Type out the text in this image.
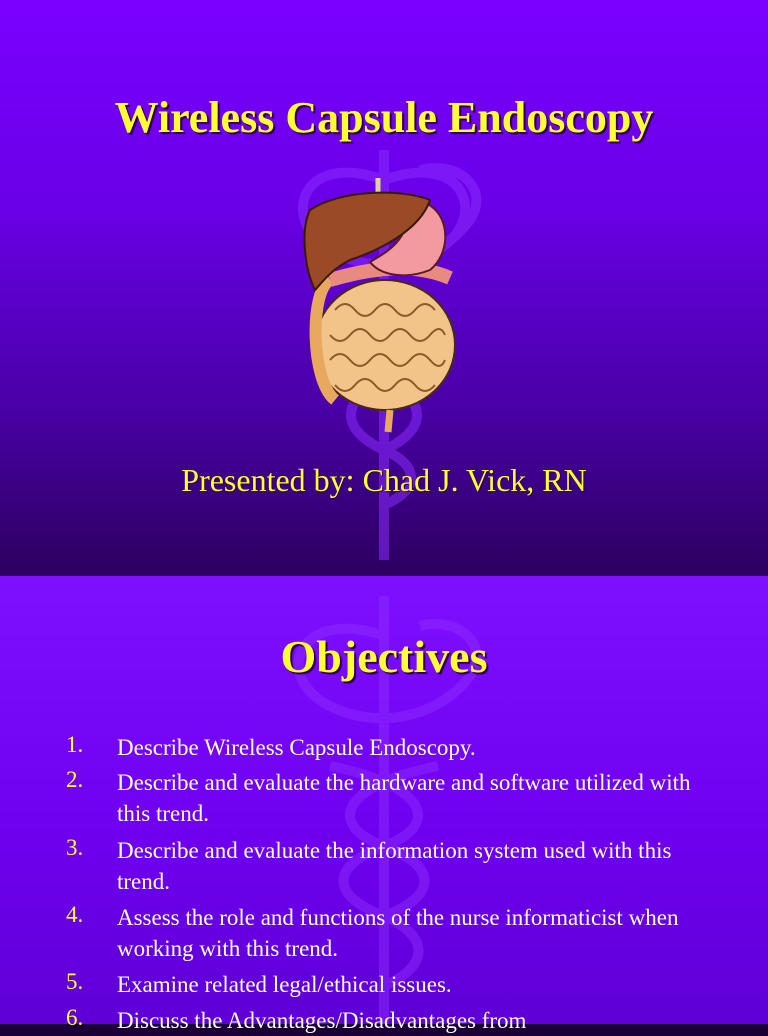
Wireless Capsule Endoscopy

Presented by: Chad J. Vick, RN

Objectives
1. Describe Wireless Capsule Endoscopy.
2. Describe and evaluate the hardware and software utilized with this trend.
3. Describe and evaluate the information system used with this trend.
4. Assess the role and functions of the nurse informaticist when working with this trend.
5. Examine related legal/ethical issues.
6. Discuss the Advantages/Disadvantages from
